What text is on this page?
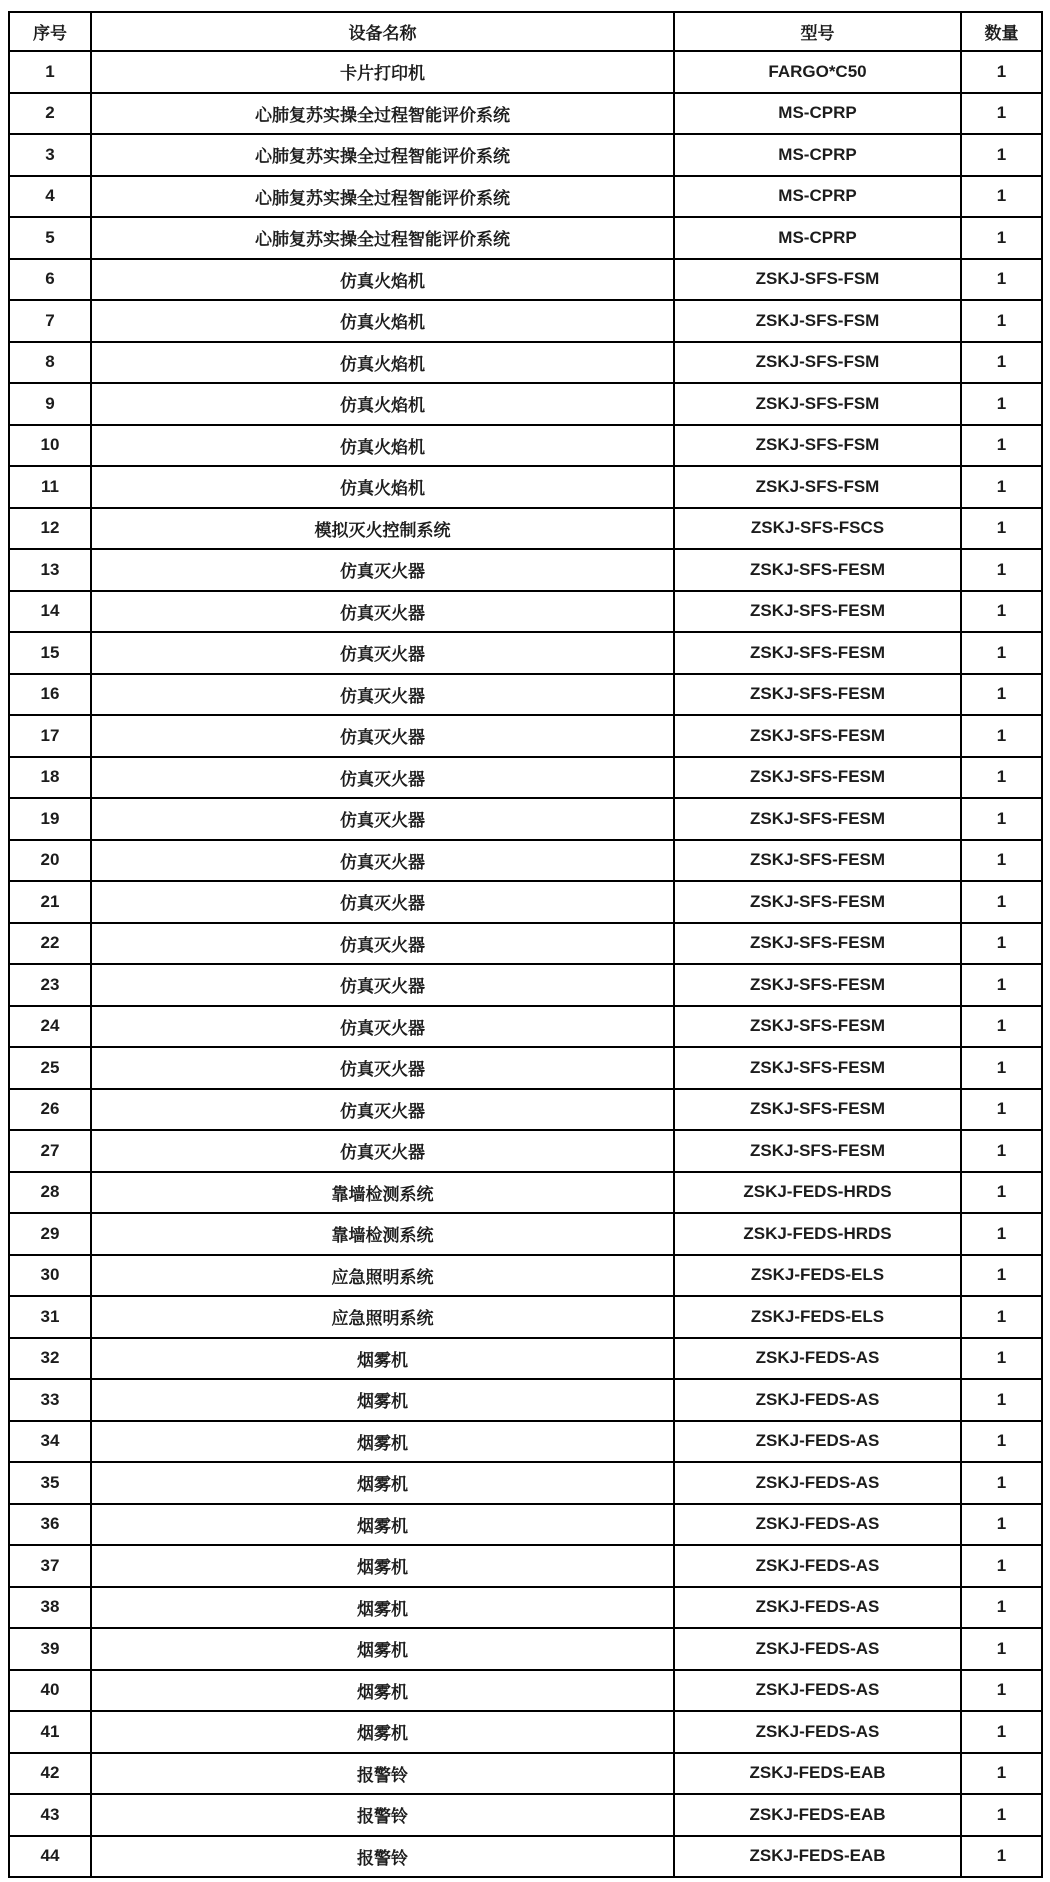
序号	设备名称	型号	数量
1	卡片打印机	FARGO*C50	1
2	心肺复苏实操全过程智能评价系统	MS-CPRP	1
3	心肺复苏实操全过程智能评价系统	MS-CPRP	1
4	心肺复苏实操全过程智能评价系统	MS-CPRP	1
5	心肺复苏实操全过程智能评价系统	MS-CPRP	1
6	仿真火焰机	ZSKJ-SFS-FSM	1
7	仿真火焰机	ZSKJ-SFS-FSM	1
8	仿真火焰机	ZSKJ-SFS-FSM	1
9	仿真火焰机	ZSKJ-SFS-FSM	1
10	仿真火焰机	ZSKJ-SFS-FSM	1
11	仿真火焰机	ZSKJ-SFS-FSM	1
12	模拟灭火控制系统	ZSKJ-SFS-FSCS	1
13	仿真灭火器	ZSKJ-SFS-FESM	1
14	仿真灭火器	ZSKJ-SFS-FESM	1
15	仿真灭火器	ZSKJ-SFS-FESM	1
16	仿真灭火器	ZSKJ-SFS-FESM	1
17	仿真灭火器	ZSKJ-SFS-FESM	1
18	仿真灭火器	ZSKJ-SFS-FESM	1
19	仿真灭火器	ZSKJ-SFS-FESM	1
20	仿真灭火器	ZSKJ-SFS-FESM	1
21	仿真灭火器	ZSKJ-SFS-FESM	1
22	仿真灭火器	ZSKJ-SFS-FESM	1
23	仿真灭火器	ZSKJ-SFS-FESM	1
24	仿真灭火器	ZSKJ-SFS-FESM	1
25	仿真灭火器	ZSKJ-SFS-FESM	1
26	仿真灭火器	ZSKJ-SFS-FESM	1
27	仿真灭火器	ZSKJ-SFS-FESM	1
28	靠墙检测系统	ZSKJ-FEDS-HRDS	1
29	靠墙检测系统	ZSKJ-FEDS-HRDS	1
30	应急照明系统	ZSKJ-FEDS-ELS	1
31	应急照明系统	ZSKJ-FEDS-ELS	1
32	烟雾机	ZSKJ-FEDS-AS	1
33	烟雾机	ZSKJ-FEDS-AS	1
34	烟雾机	ZSKJ-FEDS-AS	1
35	烟雾机	ZSKJ-FEDS-AS	1
36	烟雾机	ZSKJ-FEDS-AS	1
37	烟雾机	ZSKJ-FEDS-AS	1
38	烟雾机	ZSKJ-FEDS-AS	1
39	烟雾机	ZSKJ-FEDS-AS	1
40	烟雾机	ZSKJ-FEDS-AS	1
41	烟雾机	ZSKJ-FEDS-AS	1
42	报警铃	ZSKJ-FEDS-EAB	1
43	报警铃	ZSKJ-FEDS-EAB	1
44	报警铃	ZSKJ-FEDS-EAB	1
